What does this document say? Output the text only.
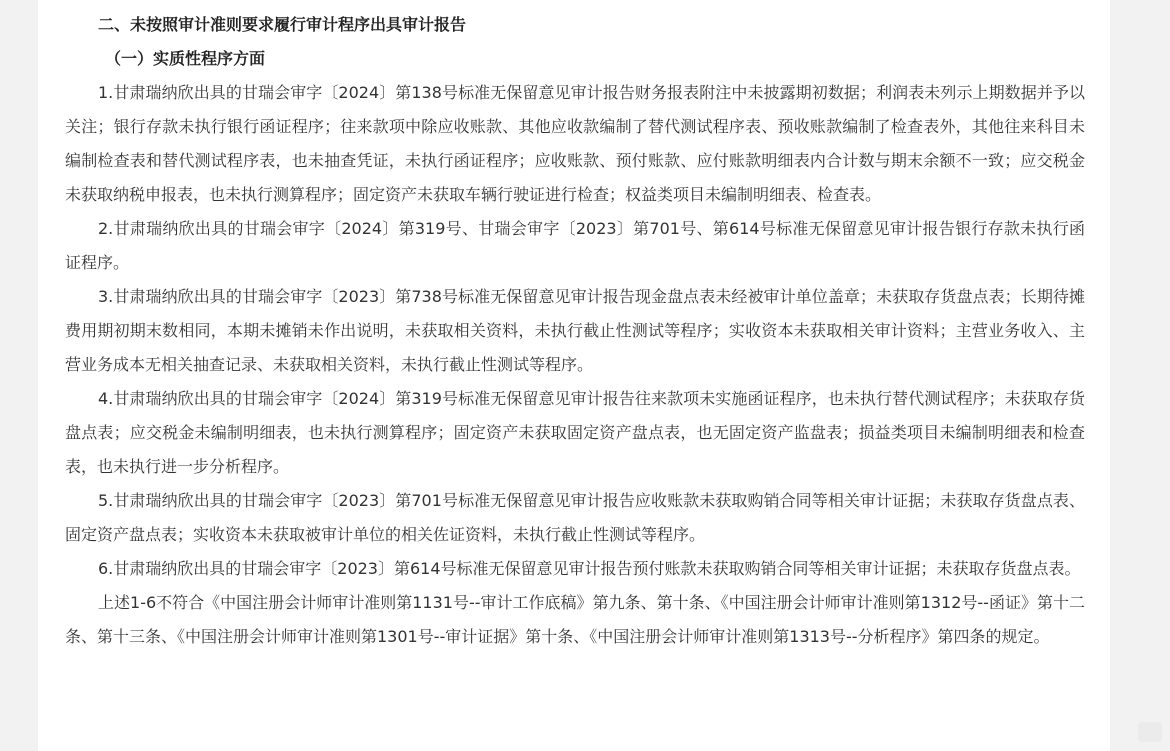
二、未按照审计准则要求履行审计程序出具审计报告
（一）实质性程序方面

1.甘肃瑞纳欣出具的甘瑞会审字〔2024〕第138号标准无保留意见审计报告财务报表附注中未披露期初数据；利润表未列示上期数据并予以关注；银行存款未执行银行函证程序；往来款项中除应收账款、其他应收款编制了替代测试程序表、预收账款编制了检查表外，其他往来科目未编制检查表和替代测试程序表，也未抽查凭证，未执行函证程序；应收账款、预付账款、应付账款明细表内合计数与期末余额不一致；应交税金未获取纳税申报表，也未执行测算程序；固定资产未获取车辆行驶证进行检查；权益类项目未编制明细表、检查表。

2.甘肃瑞纳欣出具的甘瑞会审字〔2024〕第319号、甘瑞会审字〔2023〕第701号、第614号标准无保留意见审计报告银行存款未执行函证程序。

3.甘肃瑞纳欣出具的甘瑞会审字〔2023〕第738号标准无保留意见审计报告现金盘点表未经被审计单位盖章；未获取存货盘点表；长期待摊费用期初期末数相同，本期未摊销未作出说明，未获取相关资料，未执行截止性测试等程序；实收资本未获取相关审计资料；主营业务收入、主营业务成本无相关抽查记录、未获取相关资料，未执行截止性测试等程序。

4.甘肃瑞纳欣出具的甘瑞会审字〔2024〕第319号标准无保留意见审计报告往来款项未实施函证程序，也未执行替代测试程序；未获取存货盘点表；应交税金未编制明细表，也未执行测算程序；固定资产未获取固定资产盘点表，也无固定资产监盘表；损益类项目未编制明细表和检查表，也未执行进一步分析程序。

5.甘肃瑞纳欣出具的甘瑞会审字〔2023〕第701号标准无保留意见审计报告应收账款未获取购销合同等相关审计证据；未获取存货盘点表、固定资产盘点表；实收资本未获取被审计单位的相关佐证资料，未执行截止性测试等程序。

6.甘肃瑞纳欣出具的甘瑞会审字〔2023〕第614号标准无保留意见审计报告预付账款未获取购销合同等相关审计证据；未获取存货盘点表。

上述1-6不符合《中国注册会计师审计准则第1131号--审计工作底稿》第九条、第十条、《中国注册会计师审计准则第1312号--函证》第十二条、第十三条、《中国注册会计师审计准则第1301号--审计证据》第十条、《中国注册会计师审计准则第1313号--分析程序》第四条的规定。
